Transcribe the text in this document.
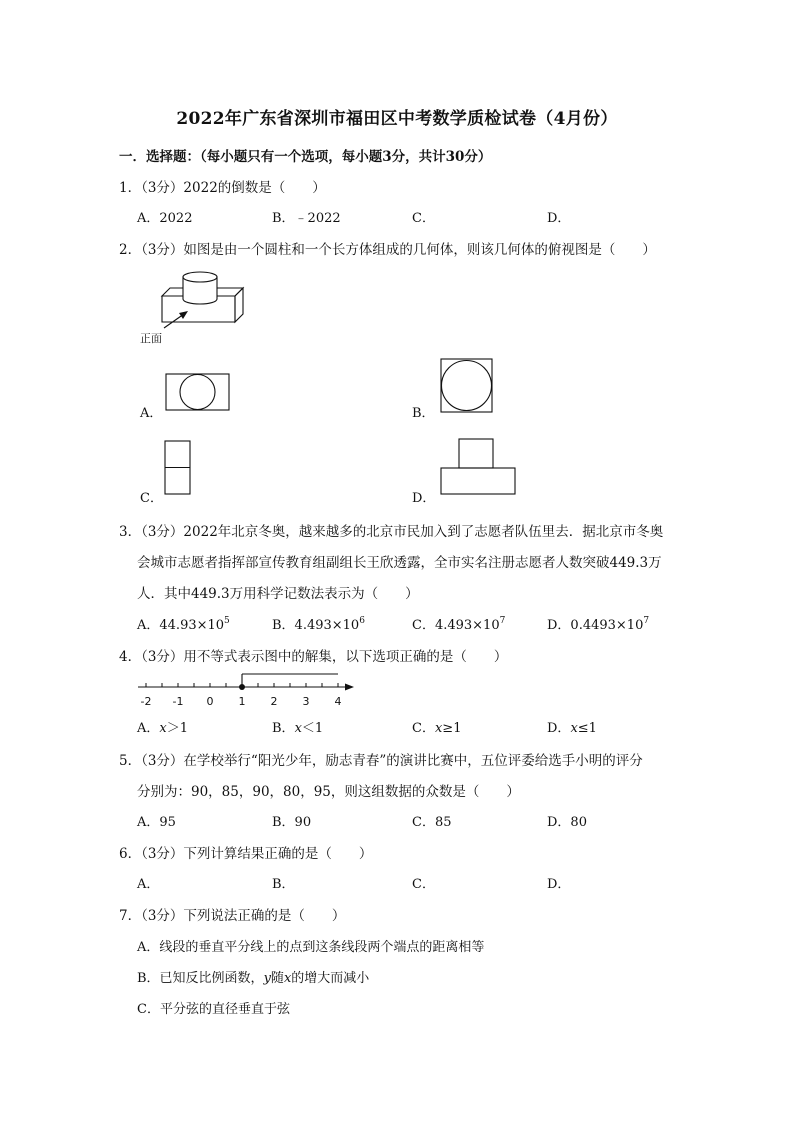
2022年广东省深圳市福田区中考数学质检试卷（4月份）
一．选择题：（每小题只有一个选项，每小题3分，共计30分）
1．（3分）2022的倒数是（　　）
A．2022	B．﹣2022	C．	D．
2．（3分）如图是由一个圆柱和一个长方体组成的几何体，则该几何体的俯视图是（　　）
正面
A．	B．
C．	D．
3．（3分）2022年北京冬奥，越来越多的北京市民加入到了志愿者队伍里去．据北京市冬奥
会城市志愿者指挥部宣传教育组副组长王欣透露，全市实名注册志愿者人数突破449.3万
人．其中449.3万用科学记数法表示为（　　）
A．$44.93\times 10^5$	B．$4.493\times 10^6$	C．$4.493\times 10^7$	D．$0.4493\times 10^7$
4．（3分）用不等式表示图中的解集，以下选项正确的是（　　）
-2 -1 0 1 2 3 4
A．x＞1	B．x＜1	C．x≥1	D．x≤1
5．（3分）在学校举行“阳光少年，励志青春”的演讲比赛中，五位评委给选手小明的评分
分别为：90，85，90，80，95，则这组数据的众数是（　　）
A．95	B．90	C．85	D．80
6．（3分）下列计算结果正确的是（　　）
A．	B．	C．	D．
7．（3分）下列说法正确的是（　　）
A．线段的垂直平分线上的点到这条线段两个端点的距离相等
B．已知反比例函数，y随x的增大而减小
C．平分弦的直径垂直于弦
